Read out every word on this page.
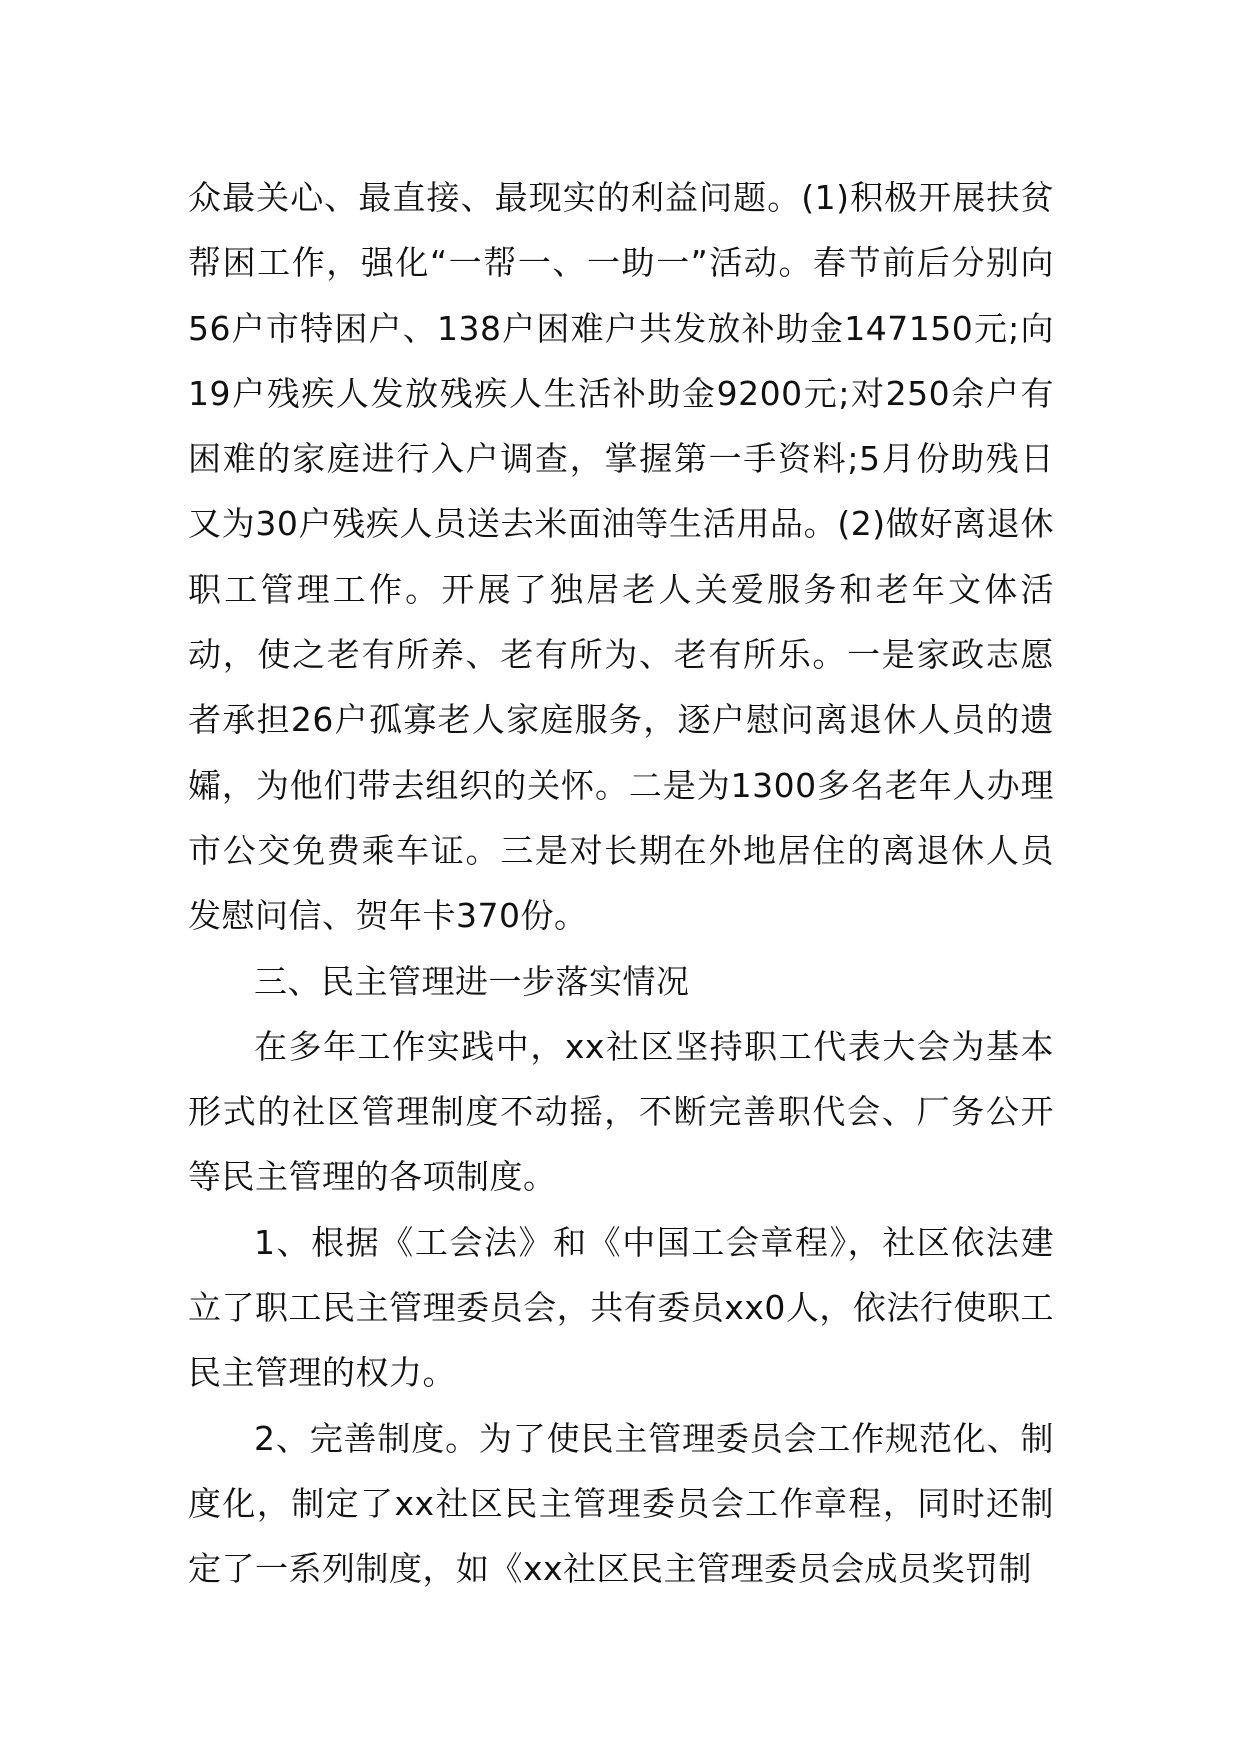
众最关心、最直接、最现实的利益问题。(1)积极开展扶贫帮困工作，强化“一帮一、一助一”活动。春节前后分别向56户市特困户、138户困难户共发放补助金147150元;向19户残疾人发放残疾人生活补助金9200元;对250余户有困难的家庭进行入户调查，掌握第一手资料;5月份助残日又为30户残疾人员送去米面油等生活用品。(2)做好离退休职工管理工作。开展了独居老人关爱服务和老年文体活动，使之老有所养、老有所为、老有所乐。一是家政志愿者承担26户孤寡老人家庭服务，逐户慰问离退休人员的遗孀，为他们带去组织的关怀。二是为1300多名老年人办理市公交免费乘车证。三是对长期在外地居住的离退休人员发慰问信、贺年卡370份。

三、民主管理进一步落实情况

在多年工作实践中，xx社区坚持职工代表大会为基本形式的社区管理制度不动摇，不断完善职代会、厂务公开等民主管理的各项制度。

1、根据《工会法》和《中国工会章程》，社区依法建立了职工民主管理委员会，共有委员xx0人，依法行使职工民主管理的权力。

2、完善制度。为了使民主管理委员会工作规范化、制度化，制定了xx社区民主管理委员会工作章程，同时还制定了一系列制度，如《xx社区民主管理委员会成员奖罚制
